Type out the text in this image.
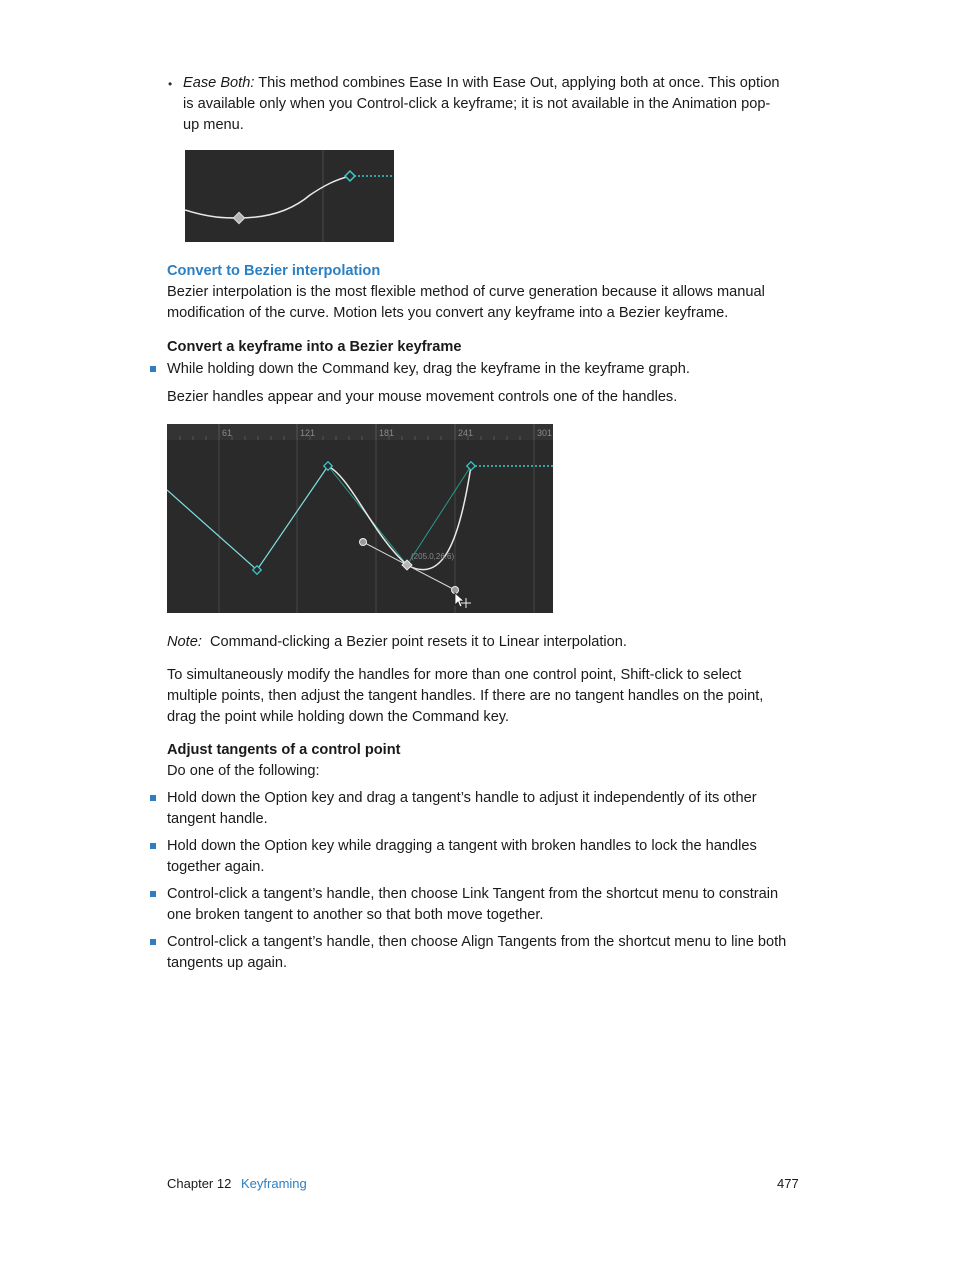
• Ease Both: This method combines Ease In with Ease Out, applying both at once. This option is available only when you Control-click a keyframe; it is not available in the Animation pop-up menu.

Convert to Bezier interpolation

Bezier interpolation is the most flexible method of curve generation because it allows manual modification of the curve. Motion lets you convert any keyframe into a Bezier keyframe.

Convert a keyframe into a Bezier keyframe

While holding down the Command key, drag the keyframe in the keyframe graph.

Bezier handles appear and your mouse movement controls one of the handles.

61	121	181	241	301
(205.0,26.6)

Note: Command-clicking a Bezier point resets it to Linear interpolation.

To simultaneously modify the handles for more than one control point, Shift-click to select multiple points, then adjust the tangent handles. If there are no tangent handles on the point, drag the point while holding down the Command key.

Adjust tangents of a control point

Do one of the following:

Hold down the Option key and drag a tangent’s handle to adjust it independently of its other tangent handle.

Hold down the Option key while dragging a tangent with broken handles to lock the handles together again.

Control-click a tangent’s handle, then choose Link Tangent from the shortcut menu to constrain one broken tangent to another so that both move together.

Control-click a tangent’s handle, then choose Align Tangents from the shortcut menu to line both tangents up again.

Chapter 12 Keyframing	477
